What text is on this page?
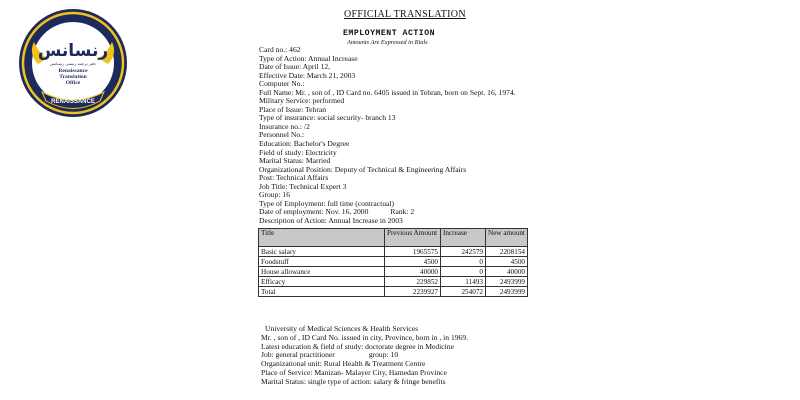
رنسانس
دفتر ترجمه رسمی رنسانس
Renaissance
Translation
Office
RENAISSANCE
OFFICIAL TRANSLATION
EMPLOYMENT ACTION
Amounts Are Expressed in Rials
Card no.: 462
Type of Action: Annual Increase
Date of Issue: April 12,
Effective Date: March 21, 2003
Computer No.:
Full Name: Mr. , son of , ID Card no. 6405 issued in Tehran, born on Sept. 16, 1974.
Military Service: performed
Place of Issue: Tehran
Type of insurance: social security- branch 13
Insurance no.: /2
Personnel No.:
Education: Bachelor's Degree
Field of study: Electricity
Marital Status: Married
Organizational Position: Deputy of Technical & Engineering Affairs
Post: Technical Affairs
Job Title: Technical Expert 3
Group: 16
Type of Employment: full time (contractual)
Date of employment: Nov. 16, 2000	Rank: 2
Description of Action: Annual Increase in 2003
Title	Previous Amount	Increase	New amount
Basic salary	1965575	242579	2208154
Foodstuff	4500	0	4500
House allowance	40000	0	40000
Efficacy	229852	11493	2493999
Total	2239927	254072	2493999
University of Medical Sciences & Health Services
Mr. , son of , ID Card No. issued in city, Province, born in , in 1969.
Latest education & field of study: doctorate degree in Medicine
Job: general practitioner	group: 10
Organizational unit: Rural Health & Treatment Centre
Place of Service: Manizan- Malayer City, Hamedan Province
Marital Status: single type of action: salary & fringe benefits
